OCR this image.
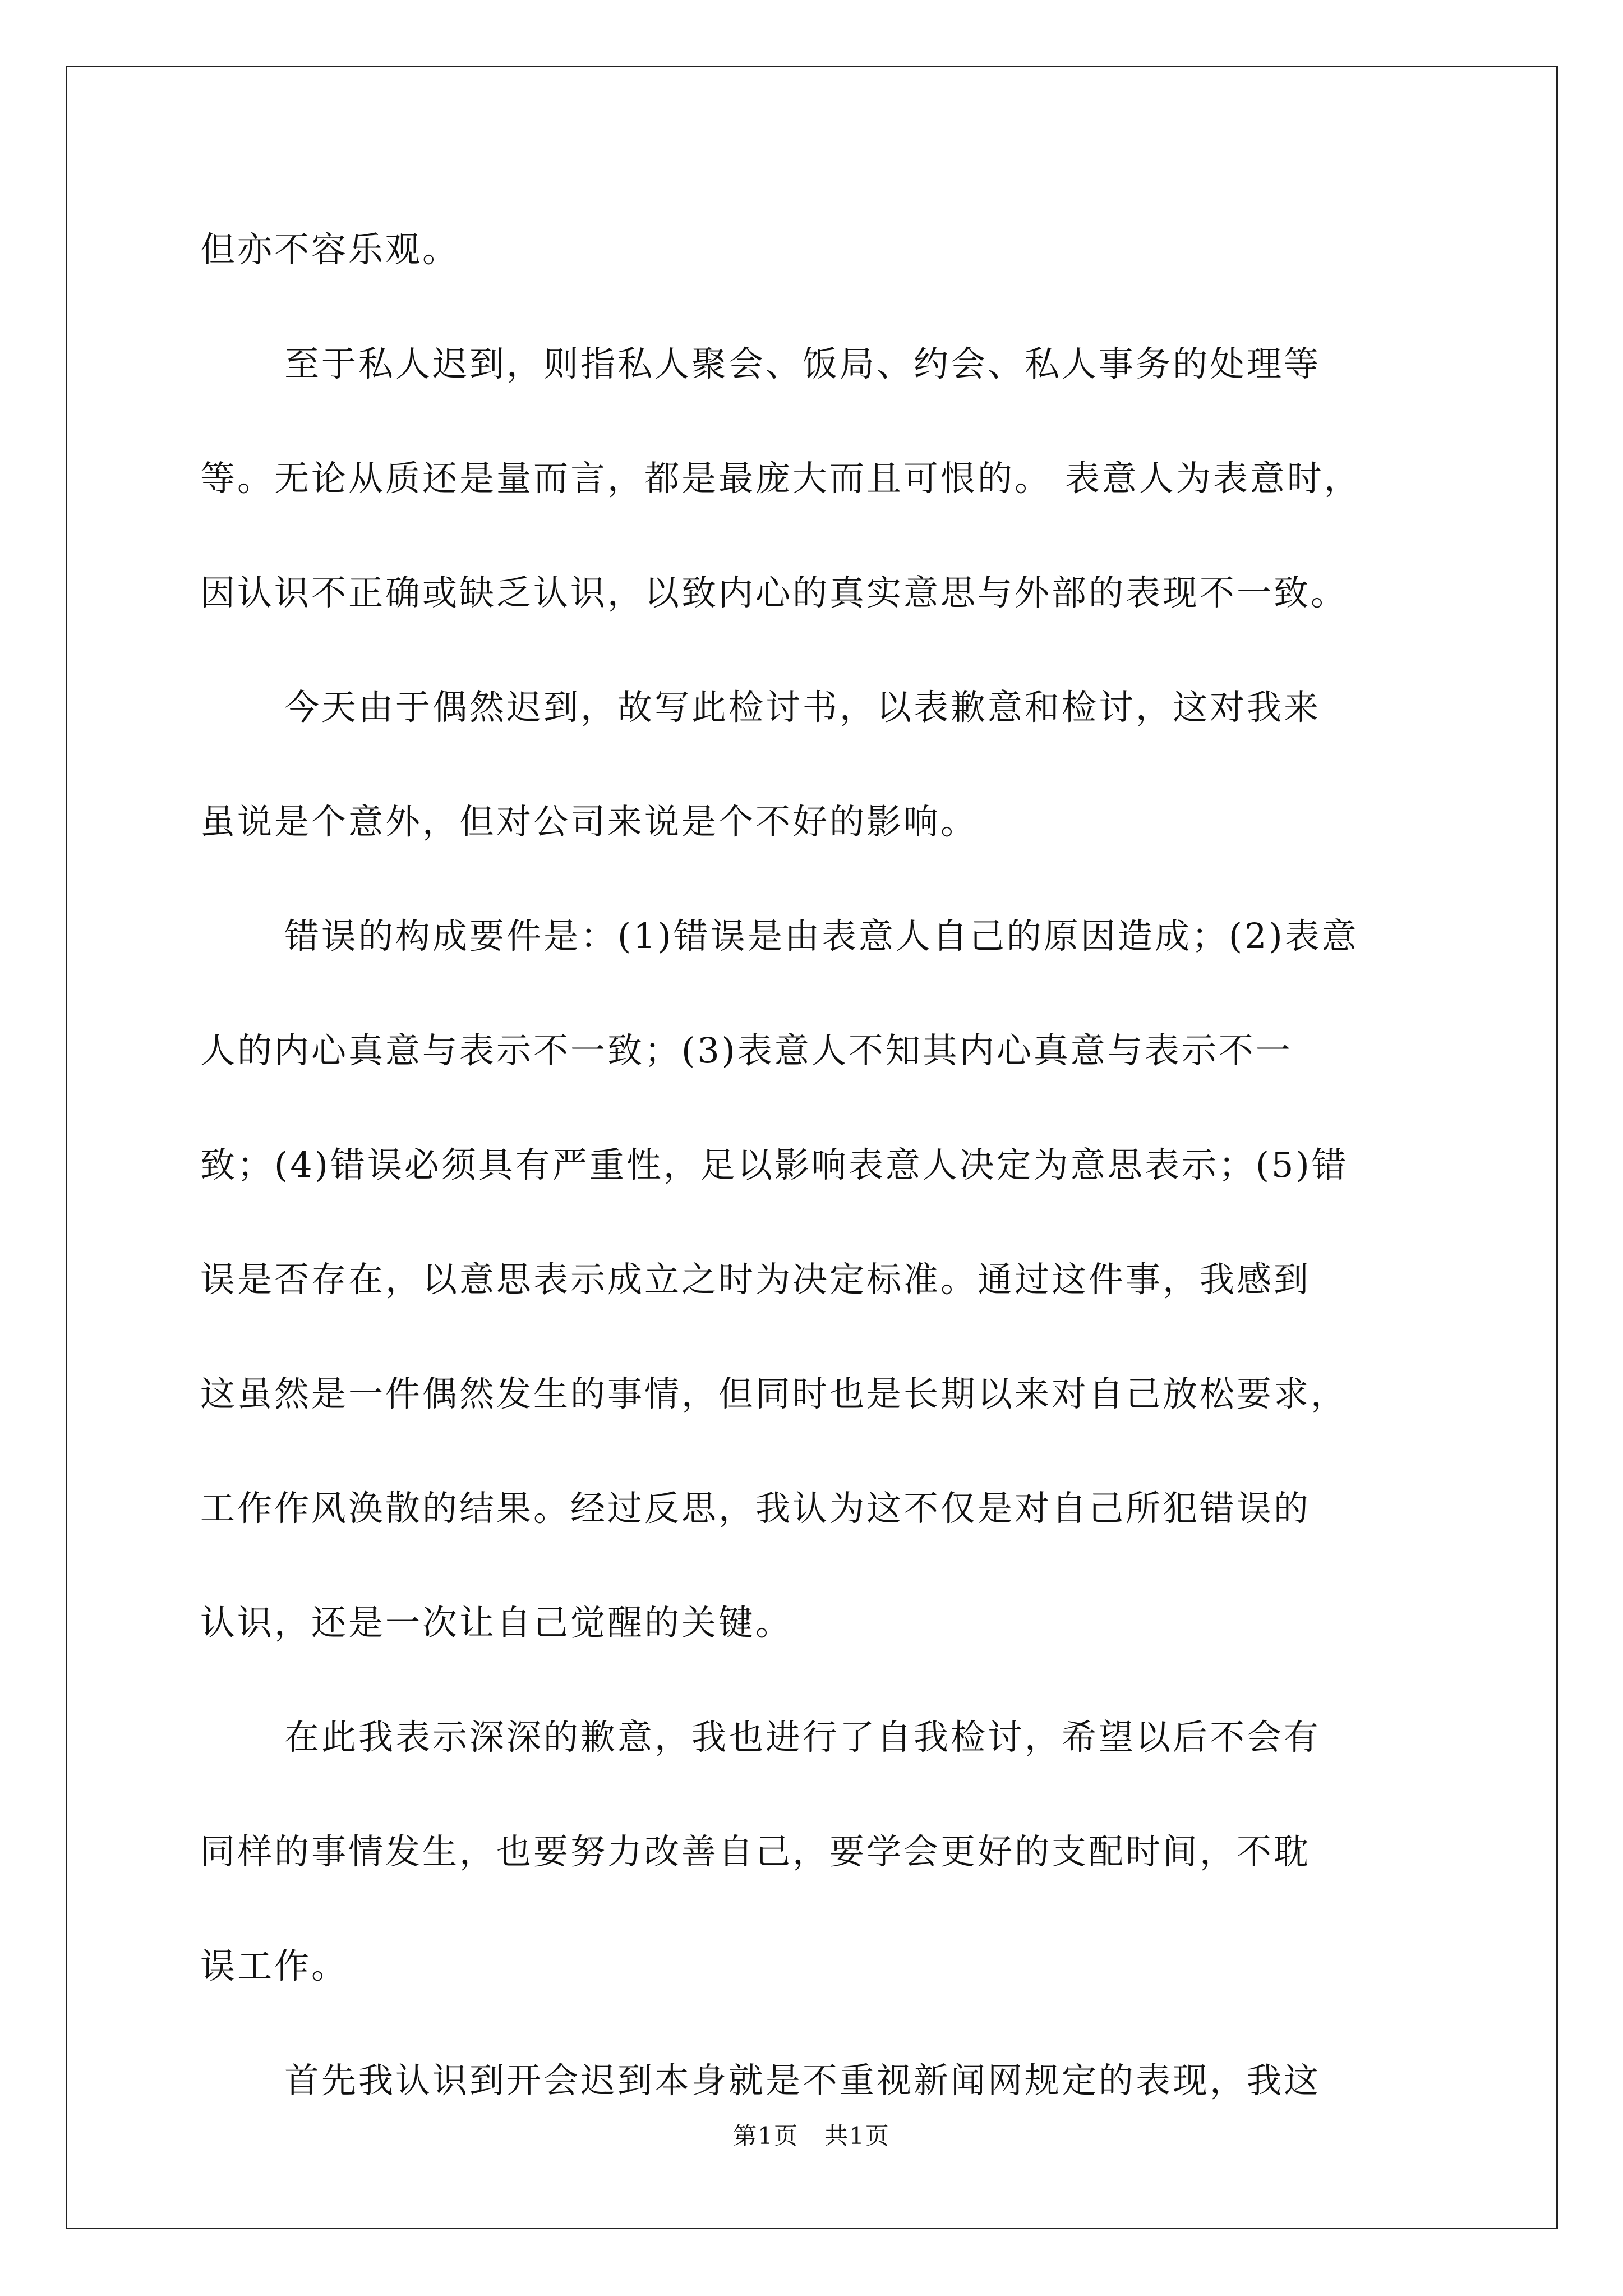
但亦不容乐观。
至于私人迟到，则指私人聚会、饭局、约会、私人事务的处理等
等。无论从质还是量而言，都是最庞大而且可恨的。 表意人为表意时，
因认识不正确或缺乏认识，以致内心的真实意思与外部的表现不一致。
今天由于偶然迟到，故写此检讨书，以表歉意和检讨，这对我来
虽说是个意外，但对公司来说是个不好的影响。
错误的构成要件是：(1)错误是由表意人自己的原因造成；(2)表意
人的内心真意与表示不一致；(3)表意人不知其内心真意与表示不一
致；(4)错误必须具有严重性，足以影响表意人决定为意思表示；(5)错
误是否存在，以意思表示成立之时为决定标准。通过这件事，我感到
这虽然是一件偶然发生的事情，但同时也是长期以来对自己放松要求，
工作作风涣散的结果。经过反思，我认为这不仅是对自己所犯错误的
认识，还是一次让自己觉醒的关键。
在此我表示深深的歉意，我也进行了自我检讨，希望以后不会有
同样的事情发生，也要努力改善自己，要学会更好的支配时间，不耽
误工作。
首先我认识到开会迟到本身就是不重视新闻网规定的表现，我这
第1页   共1页
